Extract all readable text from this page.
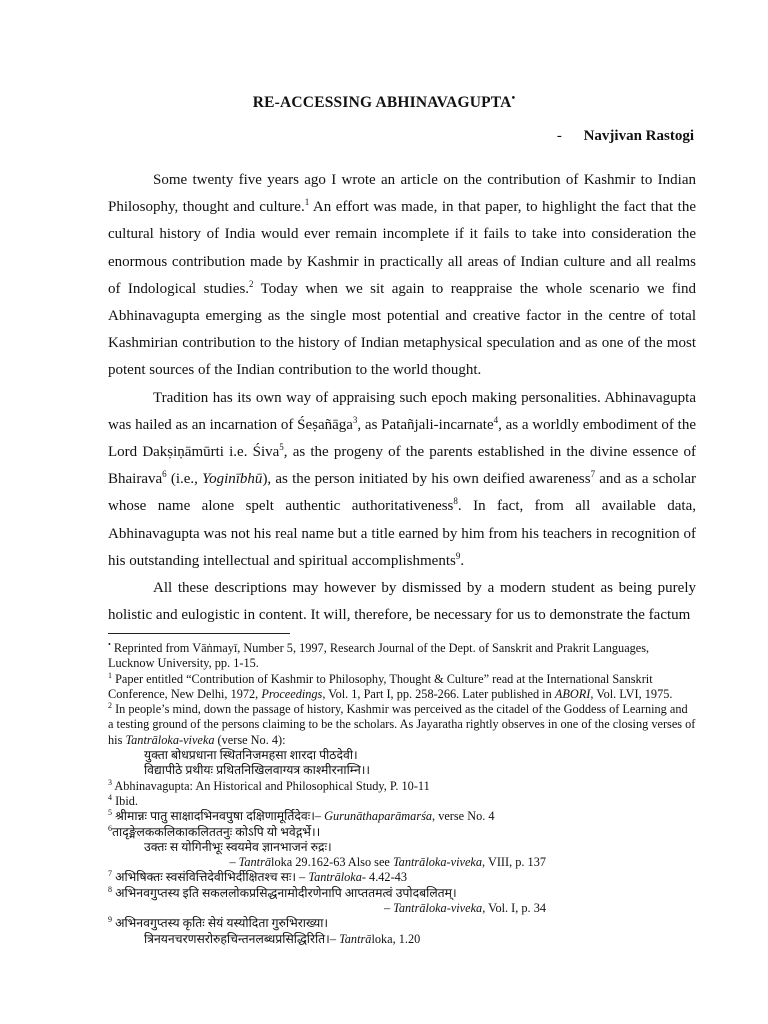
RE-ACCESSING ABHINAVAGUPTA•
- Navjivan Rastogi

Some twenty five years ago I wrote an article on the contribution of Kashmir to Indian Philosophy, thought and culture.$^1$ An effort was made, in that paper, to highlight the fact that the cultural history of India would ever remain incomplete if it fails to take into consideration the enormous contribution made by Kashmir in practically all areas of Indian culture and all realms of Indological studies.$^2$ Today when we sit again to reappraise the whole scenario we find Abhinavagupta emerging as the single most potential and creative factor in the centre of total Kashmirian contribution to the history of Indian metaphysical speculation and as one of the most potent sources of the Indian contribution to the world thought.

Tradition has its own way of appraising such epoch making personalities. Abhinavagupta was hailed as an incarnation of Śeṣañāga$^3$, as Patañjali-incarnate$^4$, as a worldly embodiment of the Lord Dakṣiṇāmūrti i.e. Śiva$^5$, as the progeny of the parents established in the divine essence of Bhairava$^6$ (i.e., Yoginībhū), as the person initiated by his own deified awareness$^7$ and as a scholar whose name alone spelt authentic authoritativeness$^8$. In fact, from all available data, Abhinavagupta was not his real name but a title earned by him from his teachers in recognition of his outstanding intellectual and spiritual accomplishments$^9$.

All these descriptions may however by dismissed by a modern student as being purely holistic and eulogistic in content. It will, therefore, be necessary for us to demonstrate the factum

• Reprinted from Vāṅmayī, Number 5, 1997, Research Journal of the Dept. of Sanskrit and Prakrit Languages, Lucknow University, pp. 1-15.
$^1$ Paper entitled “Contribution of Kashmir to Philosophy, Thought & Culture” read at the International Sanskrit Conference, New Delhi, 1972, Proceedings, Vol. 1, Part I, pp. 258-266. Later published in ABORI, Vol. LVI, 1975.
$^2$ In people’s mind, down the passage of history, Kashmir was perceived as the citadel of the Goddess of Learning and a testing ground of the persons claiming to be the scholars. As Jayaratha rightly observes in one of the closing verses of his Tantrāloka-viveka (verse No. 4):
युक्ता बोधप्रधाना स्थितनिजमहसा शारदा पीठदेवी।
विद्यापीठे प्रथीयः प्रथितनिखिलवाग्यत्र काश्मीरनाम्नि।।
$^3$ Abhinavagupta: An Historical and Philosophical Study, P. 10-11
$^4$ Ibid.
$^5$ श्रीमान्नः पातु साक्षादभिनवपुषा दक्षिणामूर्तिदेवः।– Gurunāthaparāmarśa, verse No. 4
$^6$तादृङ्मेलककलिकाकलिततनुः कोऽपि यो भवेद्गर्भे।।
उक्तः स योगिनीभूः स्वयमेव ज्ञानभाजनं रुद्रः।
– Tantrāloka 29.162-63 Also see Tantrāloka-viveka, VIII, p. 137
$^7$ अभिषिक्तः स्वसंवित्तिदेवीभिर्दीक्षितश्च सः। – Tantrāloka- 4.42-43
$^8$ अभिनवगुप्तस्य इति सकललोकप्रसिद्धनामोदीरणेनापि आप्ततमत्वं उपोदबलितम्।
– Tantrāloka-viveka, Vol. I, p. 34
$^9$ अभिनवगुप्तस्य कृतिः सेयं यस्योदिता गुरुभिराख्या।
त्रिनयनचरणसरोरुहचिन्तनलब्धप्रसिद्धिरिति।– Tantrāloka, 1.20
